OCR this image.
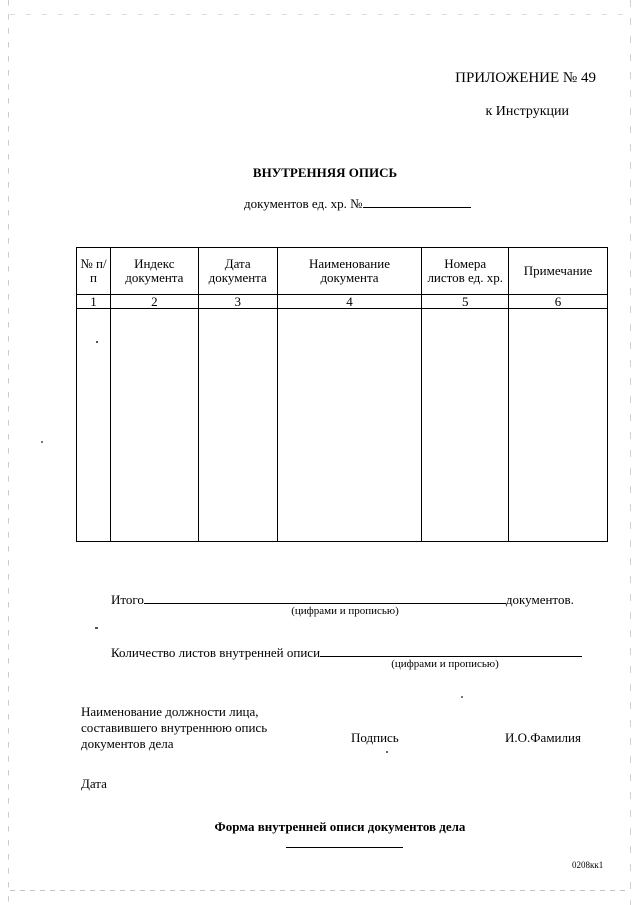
ПРИЛОЖЕНИЕ № 49
к Инструкции
ВНУТРЕННЯЯ ОПИСЬ
документов ед. хр. №
№ п/п	Индекс документа	Дата документа	Наименование документа	Номера листов ед. хр.	Примечание
1	2	3	4	5	6

Итого	документов.
(цифрами и прописью)
Количество листов внутренней описи
(цифрами и прописью)
Наименование должности лица,
составившего внутреннюю опись
документов дела	Подпись	И.О.Фамилия
Дата
Форма внутренней описи документов дела
0208кк1
